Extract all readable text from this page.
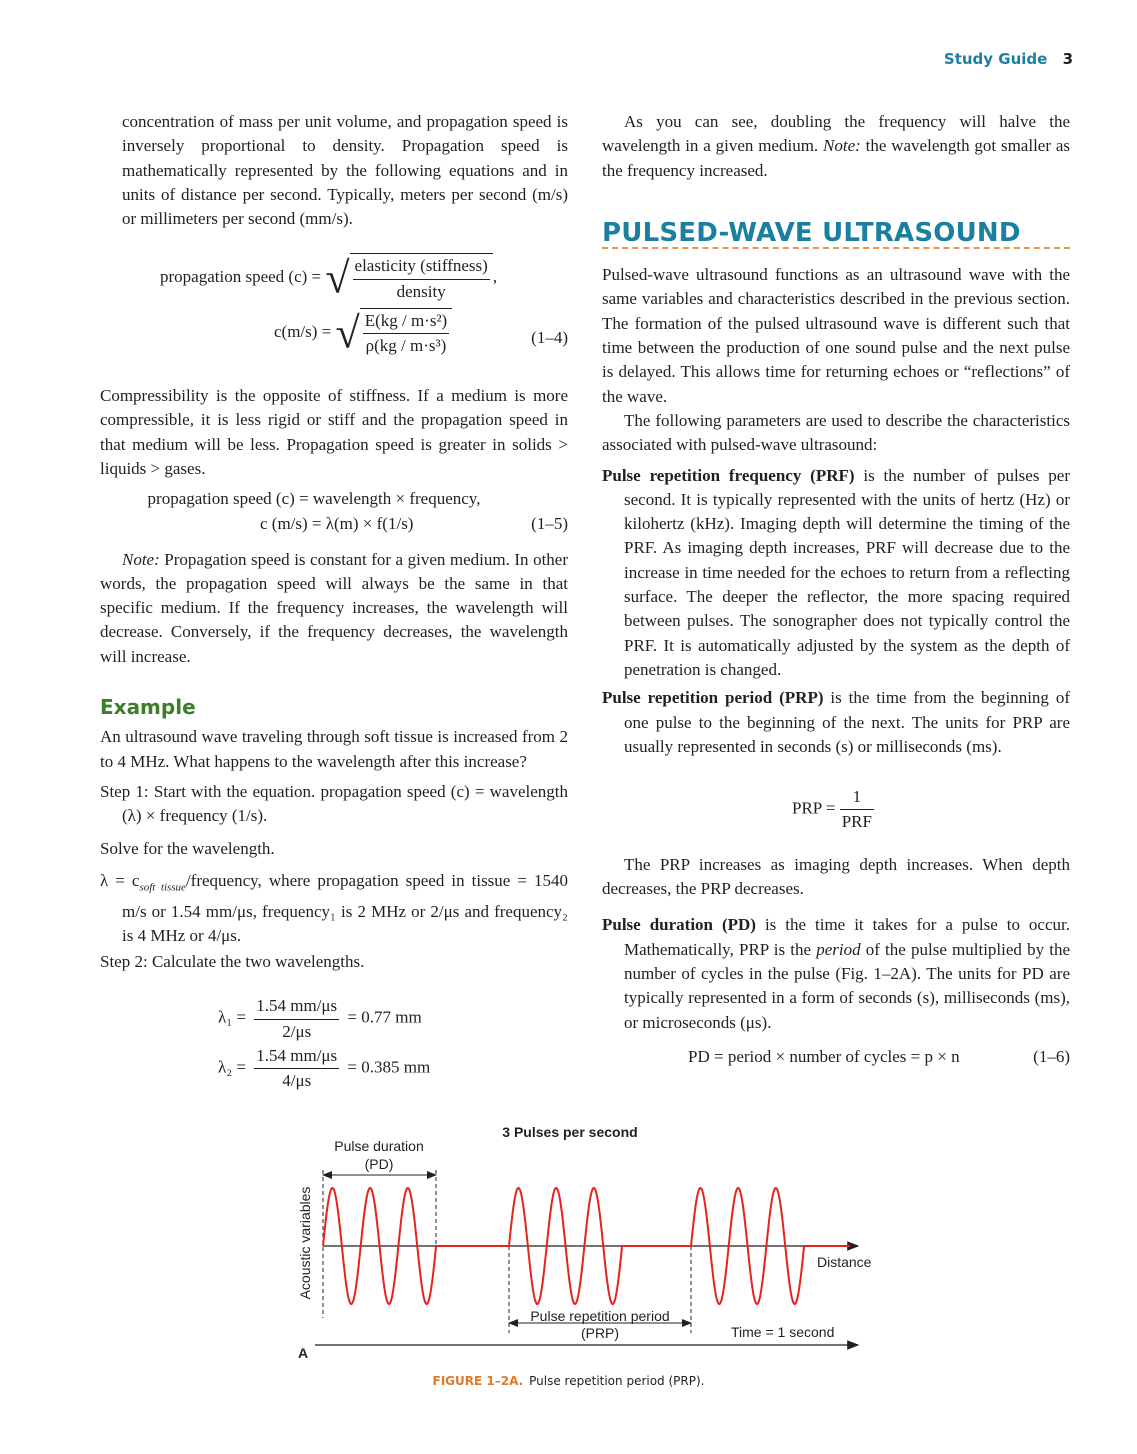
Study Guide 3

concentration of mass per unit volume, and propagation speed is inversely proportional to density. Propagation speed is mathematically represented by the following equations and in units of distance per second. Typically, meters per second (m/s) or millimeters per second (mm/s).

propagation speed (c) = √ $\frac{\text{elasticity (stiffness)}}{\text{density}}$ ,
c(m/s) = √ $\frac{\text{E(kg / m·s²)}}{\text{ρ(kg / m·s³)}}$	(1–4)

Compressibility is the opposite of stiffness. If a medium is more compressible, it is less rigid or stiff and the propagation speed in that medium will be less. Propagation speed is greater in solids > liquids > gases.

propagation speed (c) = wavelength × frequency,

c (m/s) = λ(m) × f(1/s)	(1–5)

Note: Propagation speed is constant for a given medium. In other words, the propagation speed will always be the same in that specific medium. If the frequency increases, the wavelength will decrease. Conversely, if the frequency decreases, the wavelength will increase.

Example

An ultrasound wave traveling through soft tissue is increased from 2 to 4 MHz. What happens to the wavelength after this increase?

Step 1: Start with the equation. propagation speed (c) = wavelength (λ) × frequency (1/s).

Solve for the wavelength.

$\lambda = c_{soft tissue}$/frequency, where propagation speed in tissue = 1540 m/s or 1.54 mm/μs, frequency₁ is 2 MHz or 2/μs and frequency₂ is 4 MHz or 4/μs.

Step 2: Calculate the two wavelengths.

$\lambda_1 = \frac{1.54 mm/\mu s}{2/\mu s} = 0.77$ mm
$\lambda_2 = \frac{1.54 mm/\mu s}{4/\mu s} = 0.385$ mm

As you can see, doubling the frequency will halve the wavelength in a given medium. Note: the wavelength got smaller as the frequency increased.

PULSED-WAVE ULTRASOUND

Pulsed-wave ultrasound functions as an ultrasound wave with the same variables and characteristics described in the previous section. The formation of the pulsed ultrasound wave is different such that time between the production of one sound pulse and the next pulse is delayed. This allows time for returning echoes or “reflections” of the wave.

The following parameters are used to describe the characteristics associated with pulsed-wave ultrasound:

Pulse repetition frequency (PRF) is the number of pulses per second. It is typically represented with the units of hertz (Hz) or kilohertz (kHz). Imaging depth will determine the timing of the PRF. As imaging depth increases, PRF will decrease due to the increase in time needed for the echoes to return from a reflecting surface. The deeper the reflector, the more spacing required between pulses. The sonographer does not typically control the PRF. It is automatically adjusted by the system as the depth of penetration is changed.

Pulse repetition period (PRP) is the time from the beginning of one pulse to the beginning of the next. The units for PRP are usually represented in seconds (s) or milliseconds (ms).

PRP = $\frac{1}{\text{PRF}}$

The PRP increases as imaging depth increases. When depth decreases, the PRP decreases.

Pulse duration (PD) is the time it takes for a pulse to occur. Mathematically, PRP is the period of the pulse multiplied by the number of cycles in the pulse (Fig. 1–2A). The units for PD are typically represented in a form of seconds (s), milliseconds (ms), or microseconds (μs).

PD = period × number of cycles = p × n	(1–6)
3 Pulses per second
Pulse duration
(PD)
Acoustic variables	Distance
Pulse repetition period
(PRP)	Time = 1 second
A
FIGURE 1–2A. Pulse repetition period (PRP).
